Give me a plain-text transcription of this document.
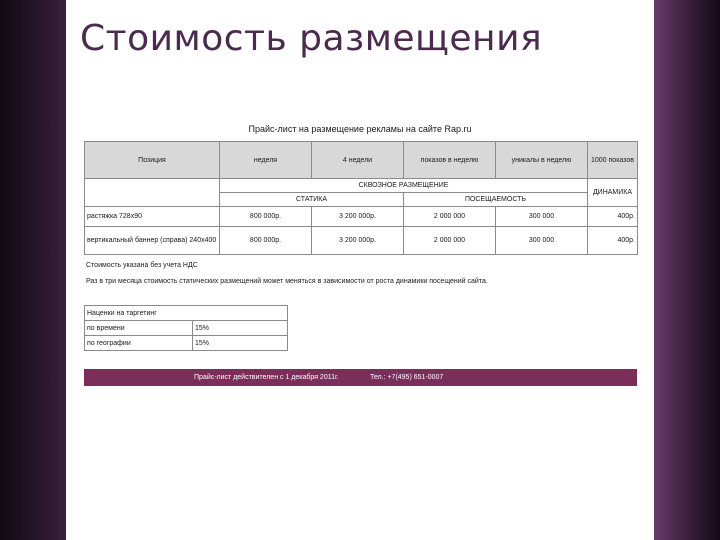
Стоимость размещения
Прайс-лист на размещение рекламы на сайте Rap.ru
Позиция	неделя	4 недели	показов в неделю	уникалы в неделю	1000 показов
	СКВОЗНОЕ РАЗМЕЩЕНИЕ				ДИНАМИКА
	СТАТИКА		ПОСЕЩАЕМОСТЬ		
растяжка 728х90	800 000р.	3 200 000р.	2 000 000	300 000	400р.
вертикальный баннер (справа) 240х400	800 000р.	3 200 000р.	2 000 000	300 000	400р.
Стоимость указана без учета НДС
Раз в три месяца стоимость статических размещений может меняться в зависимости от роста динамики посещений сайта.
Наценки на таргетинг	
по времени	15%
по географии	15%
Прайс-лист действителен с 1 декабря 2011г.	Тел.: +7(495) 651-0007
